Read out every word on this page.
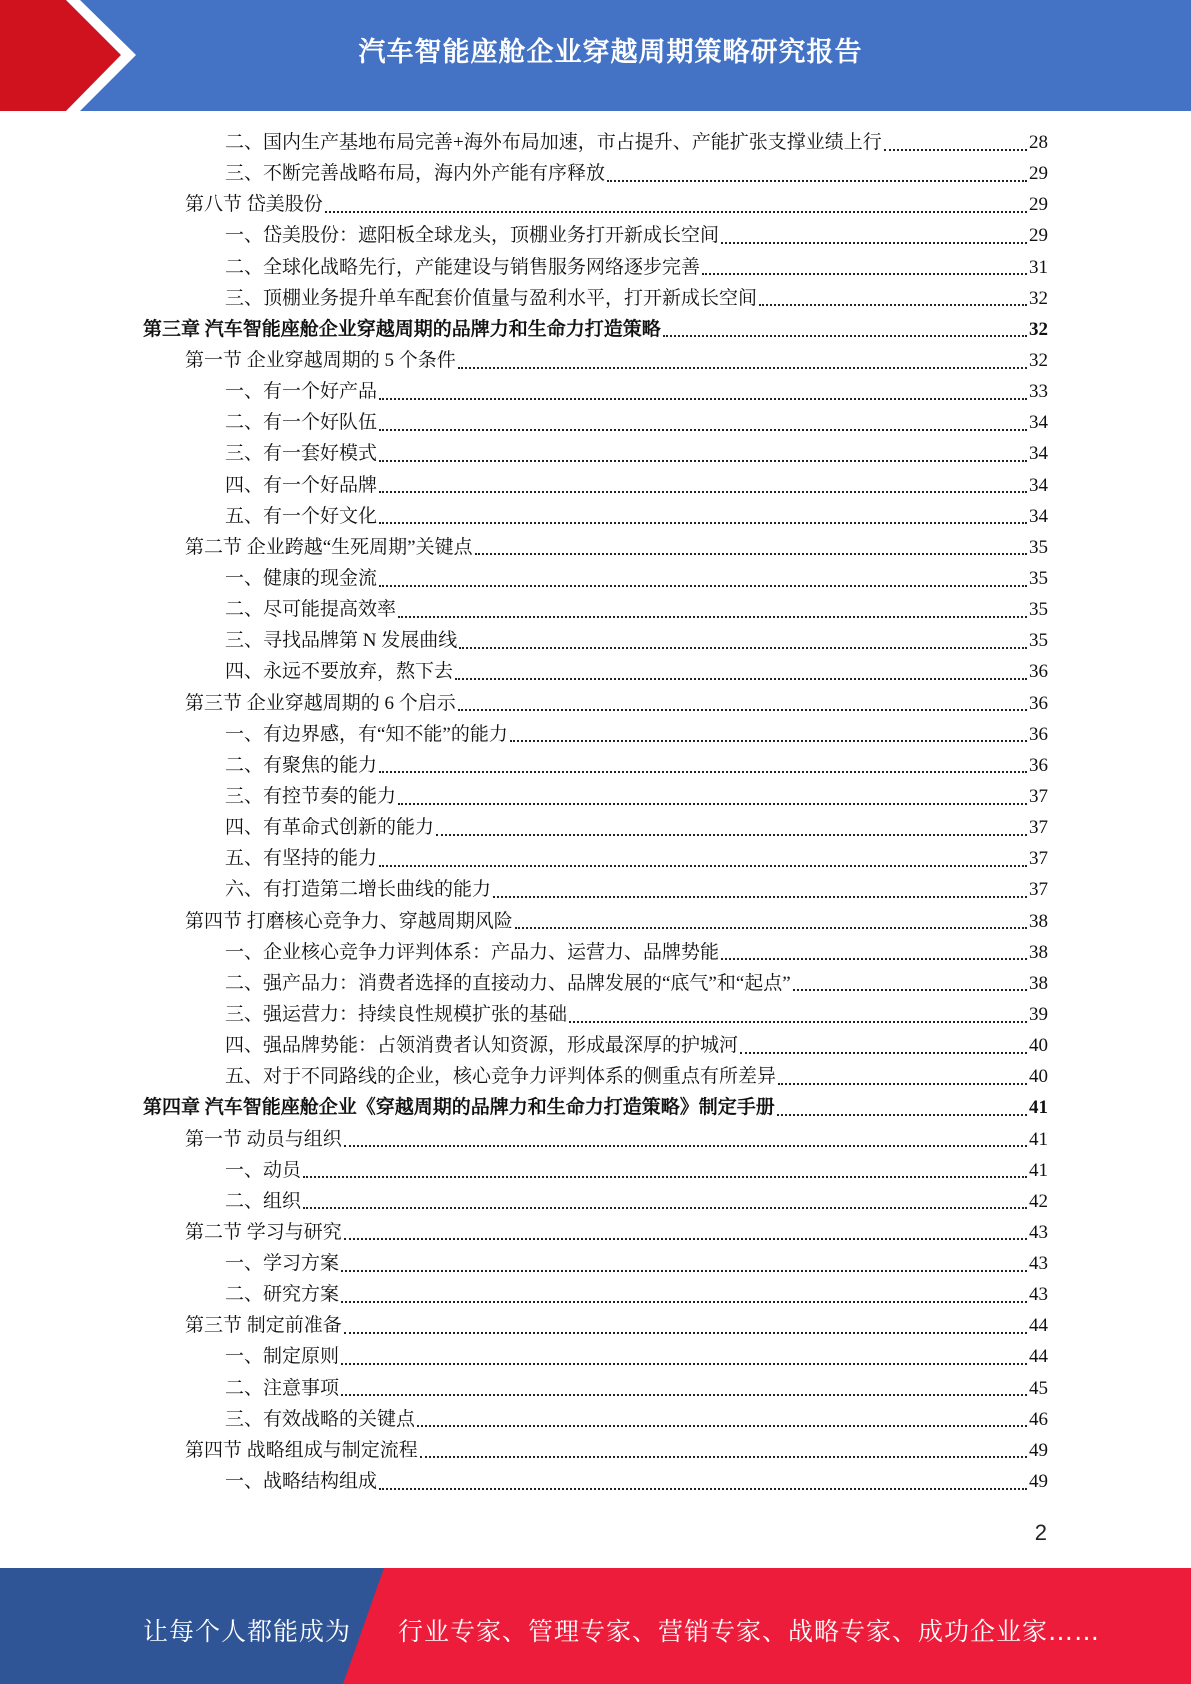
汽车智能座舱企业穿越周期策略研究报告
二、国内生产基地布局完善+海外布局加速，市占提升、产能扩张支撑业绩上行	28
三、不断完善战略布局，海内外产能有序释放	29
第八节 岱美股份	29
一、岱美股份：遮阳板全球龙头，顶棚业务打开新成长空间	29
二、全球化战略先行，产能建设与销售服务网络逐步完善	31
三、顶棚业务提升单车配套价值量与盈利水平，打开新成长空间	32
第三章 汽车智能座舱企业穿越周期的品牌力和生命力打造策略	32
第一节 企业穿越周期的 5 个条件	32
一、有一个好产品	33
二、有一个好队伍	34
三、有一套好模式	34
四、有一个好品牌	34
五、有一个好文化	34
第二节 企业跨越“生死周期”关键点	35
一、健康的现金流	35
二、尽可能提高效率	35
三、寻找品牌第 N 发展曲线	35
四、永远不要放弃，熬下去	36
第三节 企业穿越周期的 6 个启示	36
一、有边界感，有“知不能”的能力	36
二、有聚焦的能力	36
三、有控节奏的能力	37
四、有革命式创新的能力	37
五、有坚持的能力	37
六、有打造第二增长曲线的能力	37
第四节 打磨核心竞争力、穿越周期风险	38
一、企业核心竞争力评判体系：产品力、运营力、品牌势能	38
二、强产品力：消费者选择的直接动力、品牌发展的“底气”和“起点”	38
三、强运营力：持续良性规模扩张的基础	39
四、强品牌势能：占领消费者认知资源，形成最深厚的护城河	40
五、对于不同路线的企业，核心竞争力评判体系的侧重点有所差异	40
第四章 汽车智能座舱企业《穿越周期的品牌力和生命力打造策略》制定手册	41
第一节 动员与组织	41
一、动员	41
二、组织	42
第二节 学习与研究	43
一、学习方案	43
二、研究方案	43
第三节 制定前准备	44
一、制定原则	44
二、注意事项	45
三、有效战略的关键点	46
第四节 战略组成与制定流程	49
一、战略结构组成	49
2
让每个人都能成为 行业专家、管理专家、营销专家、战略专家、成功企业家……
